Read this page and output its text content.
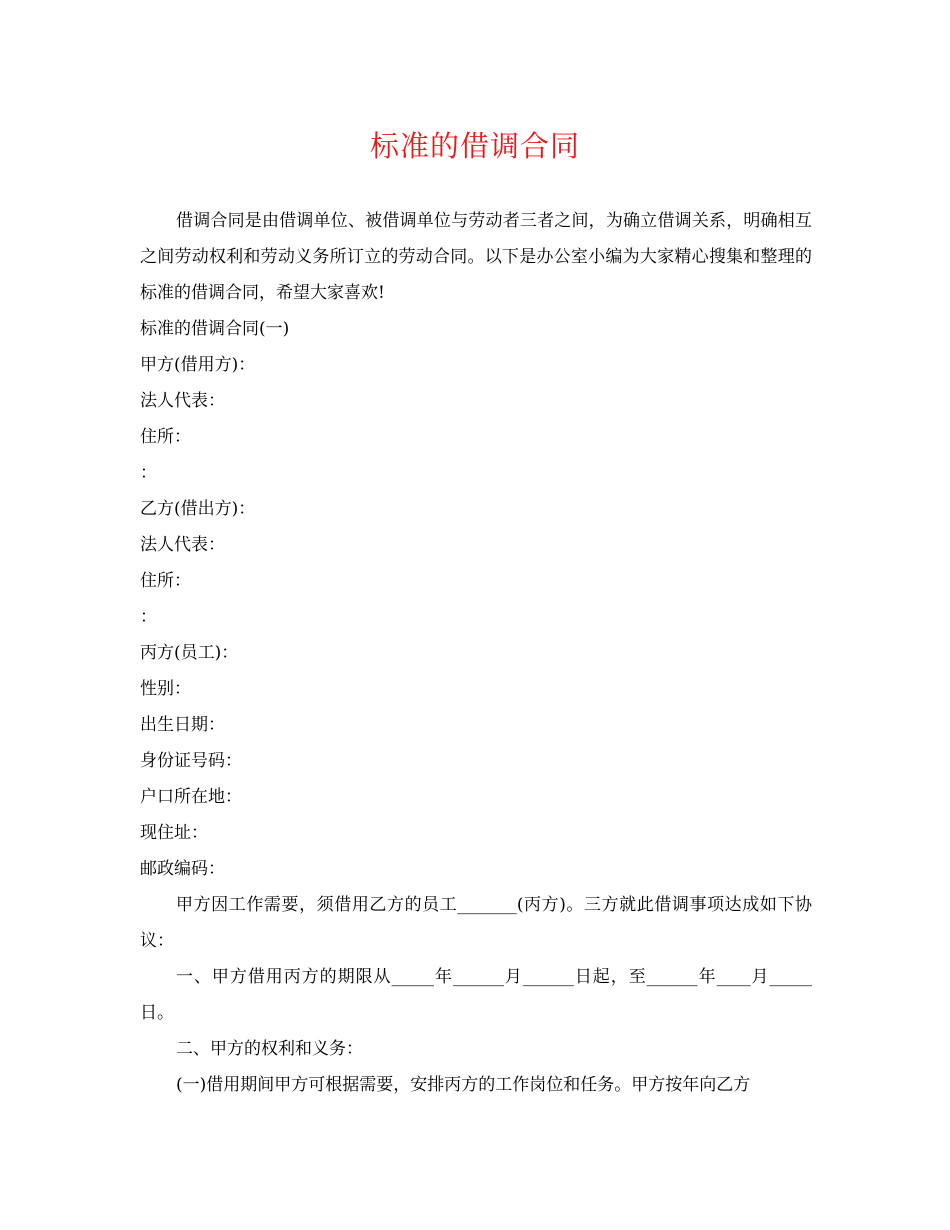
标准的借调合同

借调合同是由借调单位、被借调单位与劳动者三者之间，为确立借调关系，明确相互之间劳动权利和劳动义务所订立的劳动合同。以下是办公室小编为大家精心搜集和整理的标准的借调合同，希望大家喜欢!

标准的借调合同(一)

甲方(借用方)：

法人代表：

住所：

：

乙方(借出方)：

法人代表：

住所：

：

丙方(员工)：

性别：

出生日期：

身份证号码：

户口所在地：

现住址：

邮政编码：

甲方因工作需要，须借用乙方的员工_______(丙方)。三方就此借调事项达成如下协议：

一、甲方借用丙方的期限从_____年______月______日起，至______年____月_____日。

二、甲方的权利和义务：

(一)借用期间甲方可根据需要，安排丙方的工作岗位和任务。甲方按年向乙方
